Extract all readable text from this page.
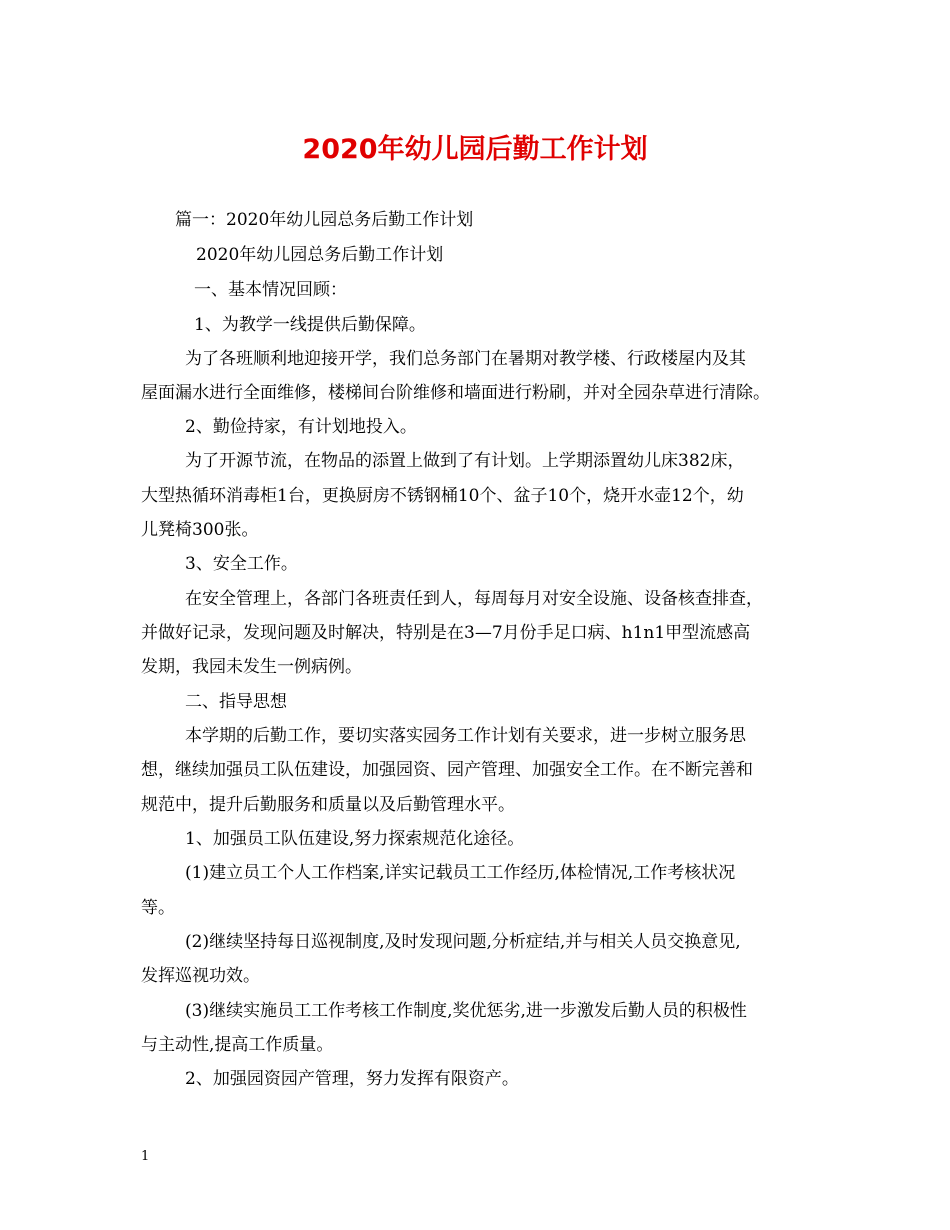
2020年幼儿园后勤工作计划
篇一：2020年幼儿园总务后勤工作计划
2020年幼儿园总务后勤工作计划
一、基本情况回顾：
1、为教学一线提供后勤保障。
为了各班顺利地迎接开学，我们总务部门在暑期对教学楼、行政楼屋内及其
屋面漏水进行全面维修，楼梯间台阶维修和墙面进行粉刷，并对全园杂草进行清除。
2、勤俭持家，有计划地投入。
为了开源节流，在物品的添置上做到了有计划。上学期添置幼儿床382床，
大型热循环消毒柜1台，更换厨房不锈钢桶10个、盆子10个，烧开水壶12个，幼
儿凳椅300张。
3、安全工作。
在安全管理上，各部门各班责任到人，每周每月对安全设施、设备核查排查，
并做好记录，发现问题及时解决，特别是在3—7月份手足口病、h1n1甲型流感高
发期，我园未发生一例病例。
二、指导思想
本学期的后勤工作，要切实落实园务工作计划有关要求，进一步树立服务思
想，继续加强员工队伍建设，加强园资、园产管理、加强安全工作。在不断完善和
规范中，提升后勤服务和质量以及后勤管理水平。
1、加强员工队伍建设,努力探索规范化途径。
(1)建立员工个人工作档案,详实记载员工工作经历,体检情况,工作考核状况
等。
(2)继续坚持每日巡视制度,及时发现问题,分析症结,并与相关人员交换意见,
发挥巡视功效。
(3)继续实施员工工作考核工作制度,奖优惩劣,进一步激发后勤人员的积极性
与主动性,提高工作质量。
2、加强园资园产管理，努力发挥有限资产。
1
